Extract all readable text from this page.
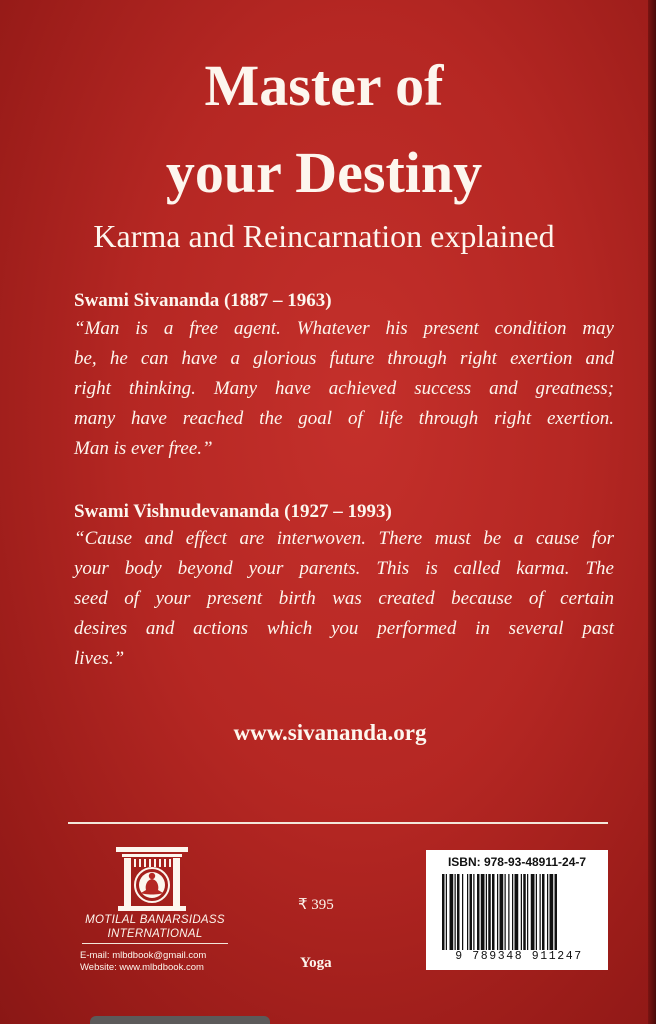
Master of
your Destiny

Karma and Reincarnation explained

Swami Sivananda (1887 – 1963)

“Man is a free agent. Whatever his present condition may
be, he can have a glorious future through right exertion and
right thinking. Many have achieved success and greatness;
many have reached the goal of life through right exertion.
Man is ever free.”

Swami Vishnudevananda (1927 – 1993)

“Cause and effect are interwoven. There must be a cause for
your body beyond your parents. This is called karma. The
seed of your present birth was created because of certain
desires and actions which you performed in several past
lives.”

www.sivananda.org

MOTILAL BANARSIDASS
INTERNATIONAL

E-mail: mlbdbook@gmail.com

Website: www.mlbdbook.com

₹ 395

Yoga

ISBN: 978-93-48911-24-7

9 789348 911247
